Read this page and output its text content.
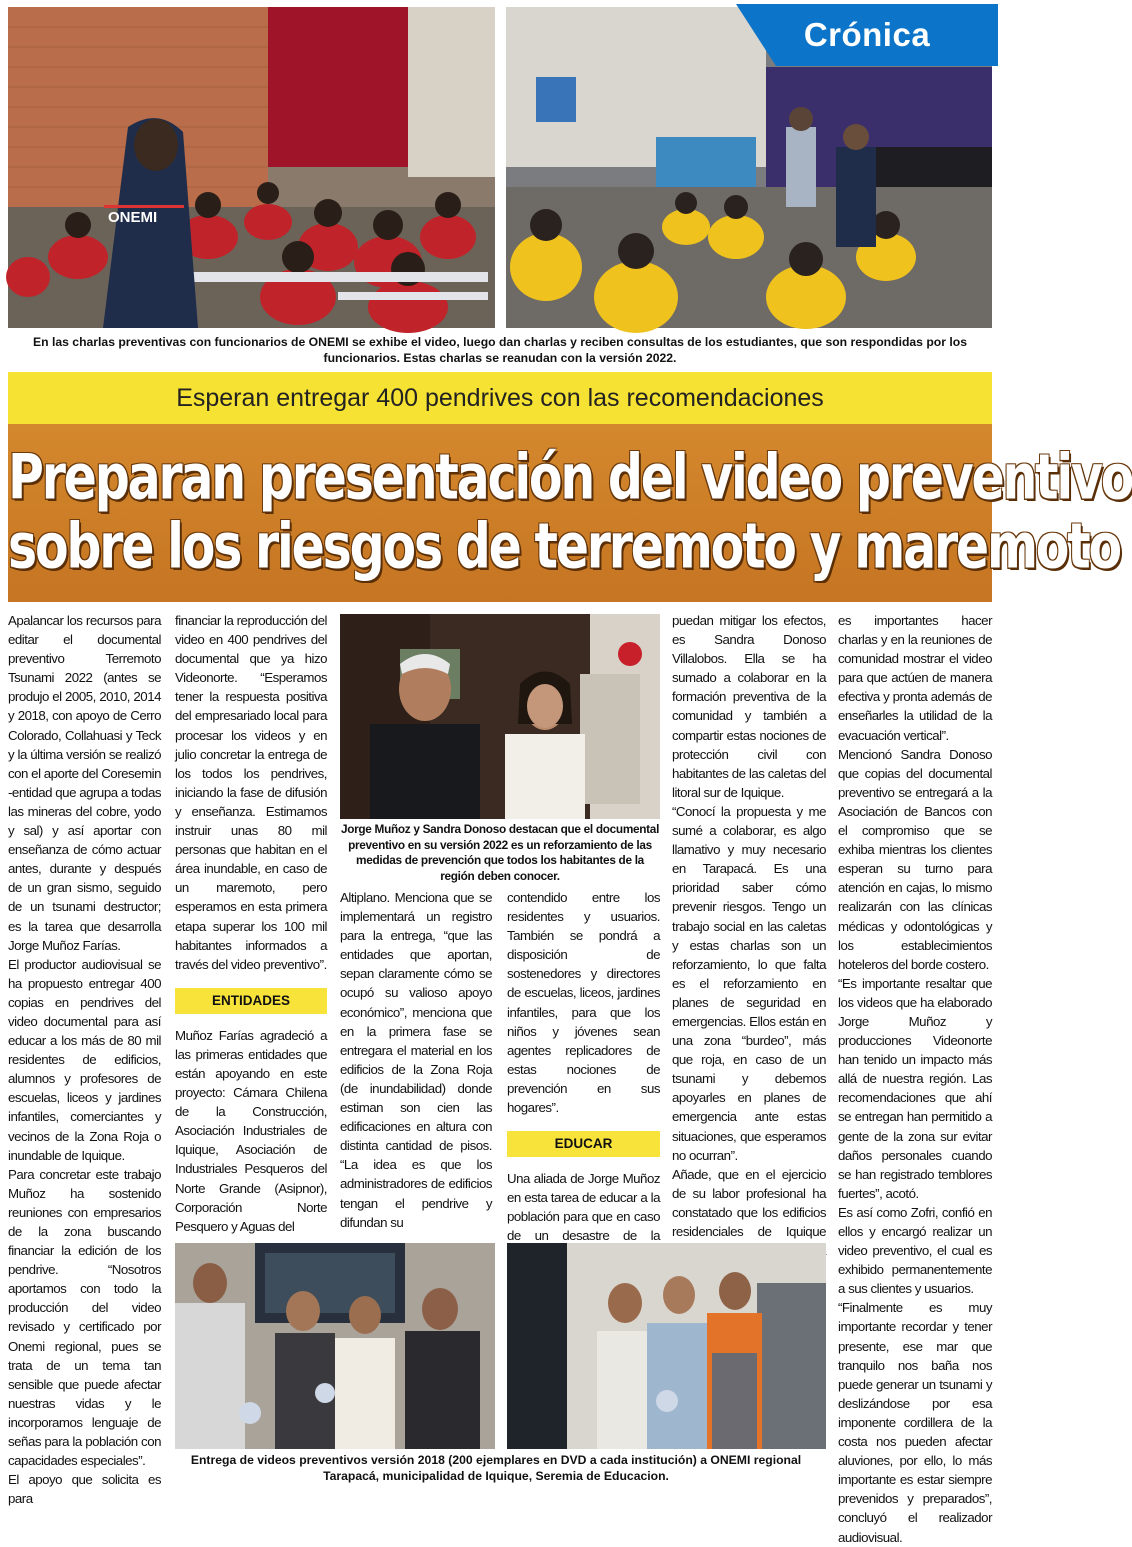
ONEMI
Crónica
En las charlas preventivas con funcionarios de ONEMI se exhibe el video, luego dan charlas y reciben consultas de los estudiantes, que son respondidas por los funcionarios. Estas charlas se reanudan con la versión 2022.
Esperan entregar 400 pendrives con las recomendaciones
Preparan presentación del video preventivo
sobre los riesgos de terremoto y maremoto

Apalancar los recursos para editar el documental preventivo Terremoto Tsunami 2022 (antes se produjo el 2005, 2010, 2014 y 2018, con apoyo de Cerro Colorado, Collahuasi y Teck y la última versión se realizó con el aporte del Coresemin -entidad que agrupa a todas las mineras del cobre, yodo y sal) y así aportar con enseñanza de cómo actuar antes, durante y después de un gran sismo, seguido de un tsunami destructor; es la tarea que desarrolla Jorge Muñoz Farías.

El productor audiovisual se ha propuesto entregar 400 copias en pendrives del video documental para así educar a los más de 80 mil residentes de edificios, alumnos y profesores de escuelas, liceos y jardines infantiles, comerciantes y vecinos de la Zona Roja o inundable de Iquique.

Para concretar este trabajo Muñoz ha sostenido reuniones con empresarios de la zona buscando financiar la edición de los pendrive. “Nosotros aportamos con todo la producción del video revisado y certificado por Onemi regional, pues se trata de un tema tan sensible que puede afectar nuestras vidas y le incorporamos lenguaje de señas para la población con capacidades especiales”.

El apoyo que solicita es para

financiar la reproducción del video en 400 pendrives del documental que ya hizo Videonorte. “Esperamos tener la respuesta positiva del empresariado local para procesar los videos y en julio concretar la entrega de los todos los pendrives, iniciando la fase de difusión y enseñanza. Estimamos instruir unas 80 mil personas que habitan en el área inundable, en caso de un maremoto, pero esperamos en esta primera etapa superar los 100 mil habitantes informados a través del video preventivo”.

ENTIDADES

Muñoz Farías agradeció a las primeras entidades que están apoyando en este proyecto: Cámara Chilena de la Construcción, Asociación Industriales de Iquique, Asociación de Industriales Pesqueros del Norte Grande (Asipnor), Corporación Norte Pesquero y Aguas del

Jorge Muñoz y Sandra Donoso destacan que el documental preventivo en su versión 2022 es un reforzamiento de las medidas de prevención que todos los habitantes de la región deben conocer.

Altiplano. Menciona que se implementará un registro para la entrega, “que las entidades que aportan, sepan claramente cómo se ocupó su valioso apoyo económico”, menciona que en la primera fase se entregara el material en los edificios de la Zona Roja (de inundabilidad) donde estiman son cien las edificaciones en altura con distinta cantidad de pisos. “La idea es que los administradores de edificios tengan el pendrive y difundan su

contendido entre los residentes y usuarios. También se pondrá a disposición de sostenedores y directores de escuelas, liceos, jardines infantiles, para que los niños y jóvenes sean agentes replicadores de estas nociones de prevención en sus hogares”.

EDUCAR

Una aliada de Jorge Muñoz en esta tarea de educar a la población para que en caso de un desastre de la

puedan mitigar los efectos, es Sandra Donoso Villalobos. Ella se ha sumado a colaborar en la formación preventiva de la comunidad y también a compartir estas nociones de protección civil con habitantes de las caletas del litoral sur de Iquique.

“Conocí la propuesta y me sumé a colaborar, es algo llamativo y muy necesario en Tarapacá. Es una prioridad saber cómo prevenir riesgos. Tengo un trabajo social en las caletas y estas charlas son un reforzamiento, lo que falta es el reforzamiento en planes de seguridad en emergencias. Ellos están en una zona “burdeo”, más que roja, en caso de un tsunami y debemos apoyarles en planes de emergencia ante estas situaciones, que esperamos no ocurran”.

Añade, que en el ejercicio de su labor profesional ha constatado que los edificios residenciales de Iquique

es importantes hacer charlas y en la reuniones de comunidad mostrar el video para que actúen de manera efectiva y pronta además de enseñarles la utilidad de la evacuación vertical”.

Mencionó Sandra Donoso que copias del documental preventivo se entregará a la Asociación de Bancos con el compromiso que se exhiba mientras los clientes esperan su turno para atención en cajas, lo mismo realizarán con las clínicas médicas y odontológicas y los establecimientos hoteleros del borde costero.

“Es importante resaltar que los videos que ha elaborado Jorge Muñoz y producciones Videonorte han tenido un impacto más allá de nuestra región. Las recomendaciones que ahí se entregan han permitido a gente de la zona sur evitar daños personales cuando se han registrado temblores fuertes”, acotó.

Es así como Zofri, confió en ellos y encargó realizar un video preventivo, el cual es exhibido permanentemente a sus clientes y usuarios.

“Finalmente es muy importante recordar y tener presente, ese mar que tranquilo nos baña nos puede generar un tsunami y deslizándose por esa imponente cordillera de la costa nos pueden afectar aluviones, por ello, lo más importante es estar siempre prevenidos y preparados”, concluyó el realizador audiovisual.

Entrega de videos preventivos versión 2018 (200 ejemplares en DVD a cada institución) a ONEMI regional Tarapacá, municipalidad de Iquique, Seremia de Educacion.
